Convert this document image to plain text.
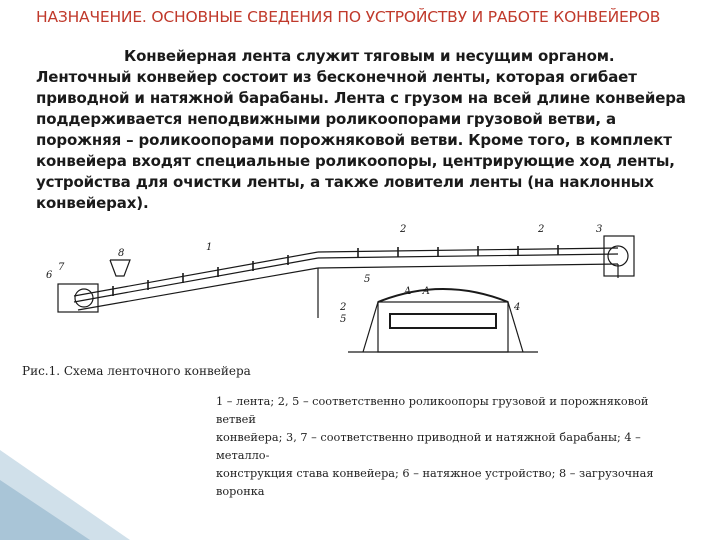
НАЗНАЧЕНИЕ. ОСНОВНЫЕ СВЕДЕНИЯ ПО УСТРОЙСТВУ И РАБОТЕ КОНВЕЙЕРОВ
Конвейерная лента служит тяговым и несущим органом. Ленточный конвейер состоит из бесконечной ленты, которая огибает приводной и натяжной барабаны. Лента с грузом на всей длине конвейера поддерживается неподвижными роликоопорами грузовой ветви, а порожняя – роликоопорами порожняковой ветви. Кроме того, в комплект конвейера входят специальные роликоопоры, центрирующие ход ленты, устройства для очистки ленты, а также ловители ленты (на наклонных конвейерах).
1
2	2	3
6
7
8
5
A – A
2
5
4
Рис.1. Схема ленточного конвейера
1 – лента; 2, 5 – соответственно роликоопоры грузовой и порожняковой ветвей
конвейера; 3, 7 – соответственно приводной и натяжной барабаны; 4 – металло-
конструкция става конвейера; 6 – натяжное устройство; 8 – загрузочная воронка
